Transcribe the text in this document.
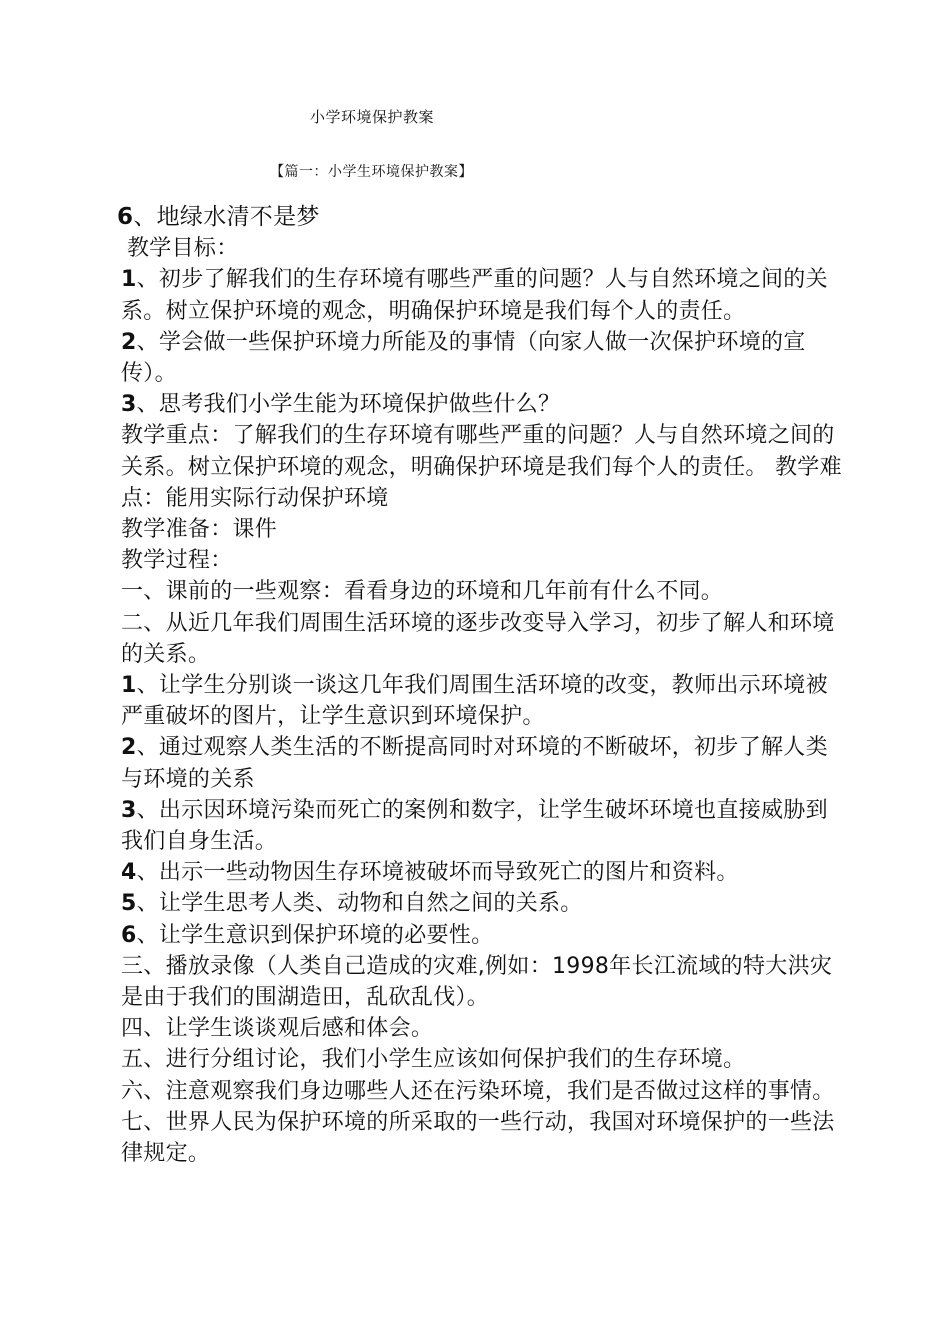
小学环境保护教案
【篇一：小学生环境保护教案】

6、地绿水清不是梦

教学目标：

1、初步了解我们的生存环境有哪些严重的问题？人与自然环境之间的关系。树立保护环境的观念，明确保护环境是我们每个人的责任。

2、学会做一些保护环境力所能及的事情（向家人做一次保护环境的宣传）。

3、思考我们小学生能为环境保护做些什么？

教学重点：了解我们的生存环境有哪些严重的问题？人与自然环境之间的关系。树立保护环境的观念，明确保护环境是我们每个人的责任。 教学难点：能用实际行动保护环境

教学准备：课件

教学过程：

一、课前的一些观察：看看身边的环境和几年前有什么不同。

二、从近几年我们周围生活环境的逐步改变导入学习，初步了解人和环境的关系。

1、让学生分别谈一谈这几年我们周围生活环境的改变，教师出示环境被严重破坏的图片，让学生意识到环境保护。

2、通过观察人类生活的不断提高同时对环境的不断破坏，初步了解人类与环境的关系

3、出示因环境污染而死亡的案例和数字，让学生破坏环境也直接威胁到我们自身生活。

4、出示一些动物因生存环境被破坏而导致死亡的图片和资料。

5、让学生思考人类、动物和自然之间的关系。

6、让学生意识到保护环境的必要性。

三、播放录像（人类自己造成的灾难,例如：1998年长江流域的特大洪灾是由于我们的围湖造田，乱砍乱伐）。

四、让学生谈谈观后感和体会。

五、进行分组讨论，我们小学生应该如何保护我们的生存环境。

六、注意观察我们身边哪些人还在污染环境，我们是否做过这样的事情。

七、世界人民为保护环境的所采取的一些行动，我国对环境保护的一些法律规定。
